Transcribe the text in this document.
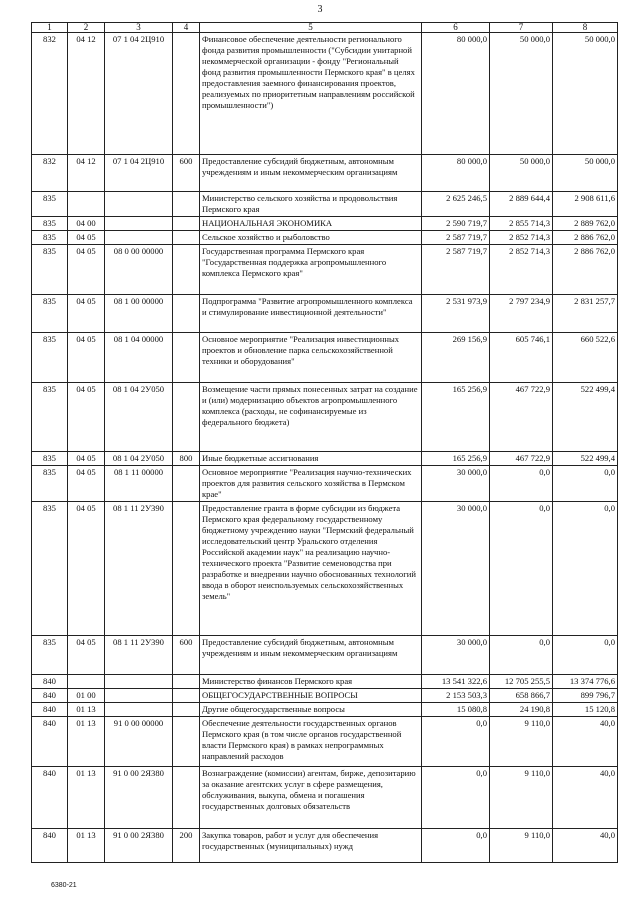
3
1	2	3	4	5	6	7	8
832	04 12	07 1 04 2Ц910		Финансовое обеспечение деятельности регионального фонда развития промышленности ("Субсидии унитарной некоммерческой организации - фонду "Региональный фонд развития промышленности Пермского края" в целях предоставления заемного финансирования проектов, реализуемых по приоритетным направлениям российской промышленности")	80 000,0	50 000,0	50 000,0
832	04 12	07 1 04 2Ц910	600	Предоставление субсидий бюджетным, автономным учреждениям и иным некоммерческим организациям	80 000,0	50 000,0	50 000,0
835				Министерство сельского хозяйства и продовольствия Пермского края	2 625 246,5	2 889 644,4	2 908 611,6
835	04 00			НАЦИОНАЛЬНАЯ ЭКОНОМИКА	2 590 719,7	2 855 714,3	2 889 762,0
835	04 05			Сельское хозяйство и рыболовство	2 587 719,7	2 852 714,3	2 886 762,0
835	04 05	08 0 00 00000		Государственная программа Пермского края "Государственная поддержка агропромышленного комплекса Пермского края"	2 587 719,7	2 852 714,3	2 886 762,0
835	04 05	08 1 00 00000		Подпрограмма "Развитие агропромышленного комплекса и стимулирование инвестиционной деятельности"	2 531 973,9	2 797 234,9	2 831 257,7
835	04 05	08 1 04 00000		Основное мероприятие "Реализация инвестиционных проектов и обновление парка сельскохозяйственной техники и оборудования"	269 156,9	605 746,1	660 522,6
835	04 05	08 1 04 2У050		Возмещение части прямых понесенных затрат на создание и (или) модернизацию объектов агропромышленного комплекса (расходы, не софинансируемые из федерального бюджета)	165 256,9	467 722,9	522 499,4
835	04 05	08 1 04 2У050	800	Иные бюджетные ассигнования	165 256,9	467 722,9	522 499,4
835	04 05	08 1 11 00000		Основное мероприятие "Реализация научно-технических проектов для развития сельского хозяйства в Пермском крае"	30 000,0	0,0	0,0
835	04 05	08 1 11 2У390		Предоставление гранта в форме субсидии из бюджета Пермского края федеральному государственному бюджетному учреждению науки "Пермский федеральный исследовательский центр Уральского отделения Российской академии наук" на реализацию научно-технического проекта "Развитие семеноводства при разработке и внедрении научно обоснованных технологий ввода в оборот неиспользуемых сельскохозяйственных земель"	30 000,0	0,0	0,0
835	04 05	08 1 11 2У390	600	Предоставление субсидий бюджетным, автономным учреждениям и иным некоммерческим организациям	30 000,0	0,0	0,0
840				Министерство финансов Пермского края	13 541 322,6	12 705 255,5	13 374 776,6
840	01 00			ОБЩЕГОСУДАРСТВЕННЫЕ ВОПРОСЫ	2 153 503,3	658 866,7	899 796,7
840	01 13			Другие общегосударственные вопросы	15 080,8	24 190,8	15 120,8
840	01 13	91 0 00 00000		Обеспечение деятельности государственных органов Пермского края (в том числе органов государственной власти Пермского края) в рамках непрограммных направлений расходов	0,0	9 110,0	40,0
840	01 13	91 0 00 2Я380		Вознаграждение (комиссии) агентам, бирже, депозитарию за оказание агентских услуг в сфере размещения, обслуживания, выкупа, обмена и погашения государственных долговых обязательств	0,0	9 110,0	40,0
840	01 13	91 0 00 2Я380	200	Закупка товаров, работ и услуг для обеспечения государственных (муниципальных) нужд	0,0	9 110,0	40,0
6380-21
